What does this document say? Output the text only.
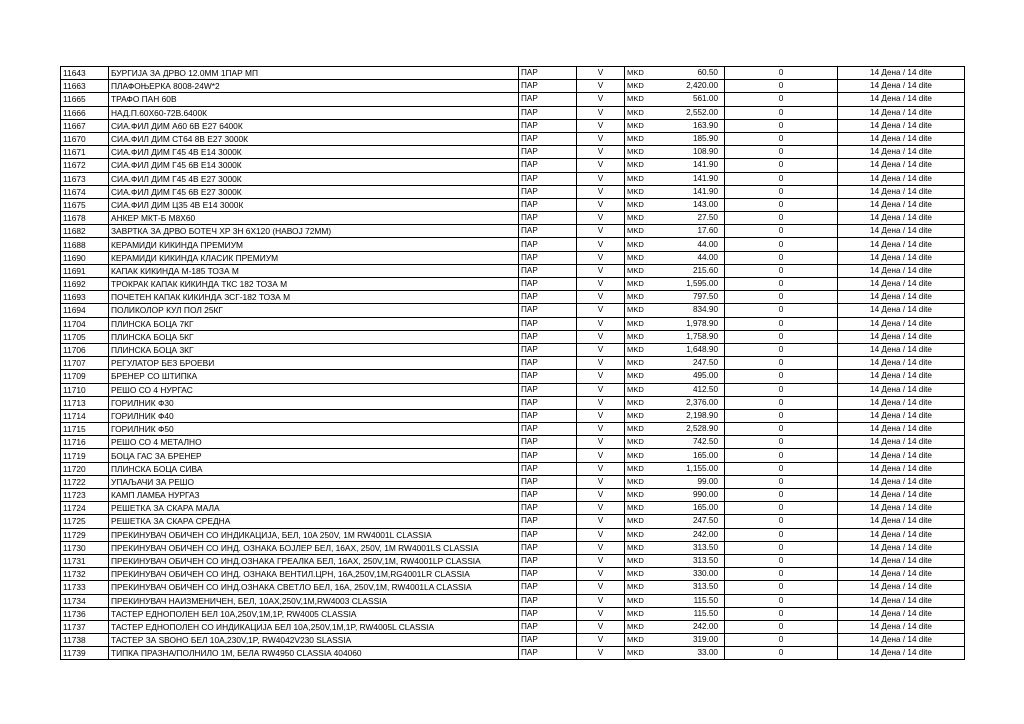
11643	БУРГИЈА ЗА ДРВО 12.0ММ 1ПАР МП	ПАР	V	MKD	60.50	0	14 Дена / 14 dite
11663	ПЛАФОЊЕРКА 8008-24W*2	ПАР	V	MKD	2,420.00	0	14 Дена / 14 dite
11665	ТРАФО ПАН 60В	ПАР	V	MKD	561.00	0	14 Дена / 14 dite
11666	НАД.П.60Х60-72В.6400К	ПАР	V	MKD	2,552.00	0	14 Дена / 14 dite
11667	СИА.ФИЛ ДИМ А60 6В Е27 6400К	ПАР	V	MKD	163.90	0	14 Дена / 14 dite
11670	СИА.ФИЛ ДИМ СТ64 8В Е27 3000К	ПАР	V	MKD	185.90	0	14 Дена / 14 dite
11671	СИА.ФИЛ ДИМ Г45 4В Е14 3000К	ПАР	V	MKD	108.90	0	14 Дена / 14 dite
11672	СИА.ФИЛ ДИМ Г45 6В Е14 3000К	ПАР	V	MKD	141.90	0	14 Дена / 14 dite
11673	СИА.ФИЛ ДИМ Г45 4В Е27 3000К	ПАР	V	MKD	141.90	0	14 Дена / 14 dite
11674	СИА.ФИЛ ДИМ Г45 6В Е27 3000К	ПАР	V	MKD	141.90	0	14 Дена / 14 dite
11675	СИА.ФИЛ ДИМ Ц35 4В Е14 3000К	ПАР	V	MKD	143.00	0	14 Дена / 14 dite
11678	АНКЕР МКТ-Б М8Х60	ПАР	V	MKD	27.50	0	14 Дена / 14 dite
11682	ЗАВРТКА ЗА ДРВО БОТЕЧ ХР 3Н 6Х120 (НАВОЈ 72ММ)	ПАР	V	MKD	17.60	0	14 Дена / 14 dite
11688	КЕРАМИДИ КИКИНДА ПРЕМИУМ	ПАР	V	MKD	44.00	0	14 Дена / 14 dite
11690	КЕРАМИДИ КИКИНДА КЛАСИК ПРЕМИУМ	ПАР	V	MKD	44.00	0	14 Дена / 14 dite
11691	КАПАК КИКИНДА М-185 ТОЗА М	ПАР	V	MKD	215.60	0	14 Дена / 14 dite
11692	ТРОКРАК КАПАК КИКИНДА ТКС 182 ТОЗА М	ПАР	V	MKD	1,595.00	0	14 Дена / 14 dite
11693	ПОЧЕТЕН КАПАК КИКИНДА ЗСГ-182 ТОЗА М	ПАР	V	MKD	797.50	0	14 Дена / 14 dite
11694	ПОЛИКОЛОР КУЛ ПОЛ 25КГ	ПАР	V	MKD	834.90	0	14 Дена / 14 dite
11704	ПЛИНСКА БОЦА 7КГ	ПАР	V	MKD	1,978.90	0	14 Дена / 14 dite
11705	ПЛИНСКА БОЦА 5КГ	ПАР	V	MKD	1,758.90	0	14 Дена / 14 dite
11706	ПЛИНСКА БОЦА 3КГ	ПАР	V	MKD	1,648.90	0	14 Дена / 14 dite
11707	РЕГУЛАТОР БЕЗ БРОЕВИ	ПАР	V	MKD	247.50	0	14 Дена / 14 dite
11709	БРЕНЕР СО ШТИПКА	ПАР	V	MKD	495.00	0	14 Дена / 14 dite
11710	РЕШО СО 4 НУРГАС	ПАР	V	MKD	412.50	0	14 Дена / 14 dite
11713	ГОРИЛНИК Ф30	ПАР	V	MKD	2,376.00	0	14 Дена / 14 dite
11714	ГОРИЛНИК Ф40	ПАР	V	MKD	2,198.90	0	14 Дена / 14 dite
11715	ГОРИЛНИК Ф50	ПАР	V	MKD	2,528.90	0	14 Дена / 14 dite
11716	РЕШО СО 4 МЕТАЛНО	ПАР	V	MKD	742.50	0	14 Дена / 14 dite
11719	БОЦА ГАС ЗА БРЕНЕР	ПАР	V	MKD	165.00	0	14 Дена / 14 dite
11720	ПЛИНСКА БОЦА СИВА	ПАР	V	MKD	1,155.00	0	14 Дена / 14 dite
11722	УПАЉАЧИ ЗА РЕШО	ПАР	V	MKD	99.00	0	14 Дена / 14 dite
11723	КАМП ЛАМБА НУРГАЗ	ПАР	V	MKD	990.00	0	14 Дена / 14 dite
11724	РЕШЕТКА ЗА СКАРА МАЛА	ПАР	V	MKD	165.00	0	14 Дена / 14 dite
11725	РЕШЕТКА ЗА СКАРА СРЕДНА	ПАР	V	MKD	247.50	0	14 Дена / 14 dite
11729	ПРЕКИНУВАЧ ОБИЧЕН СО ИНДИКАЦИЈА, БЕЛ, 10A 250V, 1M RW4001L CLASSIA	ПАР	V	MKD	242.00	0	14 Дена / 14 dite
11730	ПРЕКИНУВАЧ ОБИЧЕН СО ИНД. ОЗНАКА БОЈЛЕР БЕЛ, 16АХ, 250V, 1M RW4001LS CLASSIA	ПАР	V	MKD	313.50	0	14 Дена / 14 dite
11731	ПРЕКИНУВАЧ ОБИЧЕН СО ИНД.ОЗНАКА ГРЕАЛКА БЕЛ, 16АХ, 250V,1M, RW4001LP CLASSIA	ПАР	V	MKD	313.50	0	14 Дена / 14 dite
11732	ПРЕКИНУВАЧ ОБИЧЕН СО ИНД. ОЗНАКА ВЕНТИЛ.ЦРН, 16А,250V,1M,RG4001LR CLASSIA	ПАР	V	MKD	330.00	0	14 Дена / 14 dite
11733	ПРЕКИНУВАЧ ОБИЧЕН СО ИНД.ОЗНАКА СВЕТЛО БЕЛ, 16А, 250V,1M, RW4001LA CLASSIA	ПАР	V	MKD	313.50	0	14 Дена / 14 dite
11734	ПРЕКИНУВАЧ НАИЗМЕНИЧЕН, БЕЛ, 10АХ,250V,1M,RW4003 CLASSIA	ПАР	V	MKD	115.50	0	14 Дена / 14 dite
11736	ТАСТЕР ЕДНОПОЛЕН БЕЛ 10А,250V,1M,1P, RW4005 CLASSIA	ПАР	V	MKD	115.50	0	14 Дена / 14 dite
11737	ТАСТЕР ЕДНОПОЛЕН СО ИНДИКАЦИЈА БЕЛ 10А,250V,1M,1P, RW4005L CLASSIA	ПАР	V	MKD	242.00	0	14 Дена / 14 dite
11738	ТАСТЕР ЗА ЅВОНО БЕЛ 10А,230V,1P, RW4042V230 SLASSIA	ПАР	V	MKD	319.00	0	14 Дена / 14 dite
11739	ТИПКА ПРАЗНА/ПОЛНИЛО 1М, БЕЛА RW4950 CLASSIA 404060	ПАР	V	MKD	33.00	0	14 Дена / 14 dite
